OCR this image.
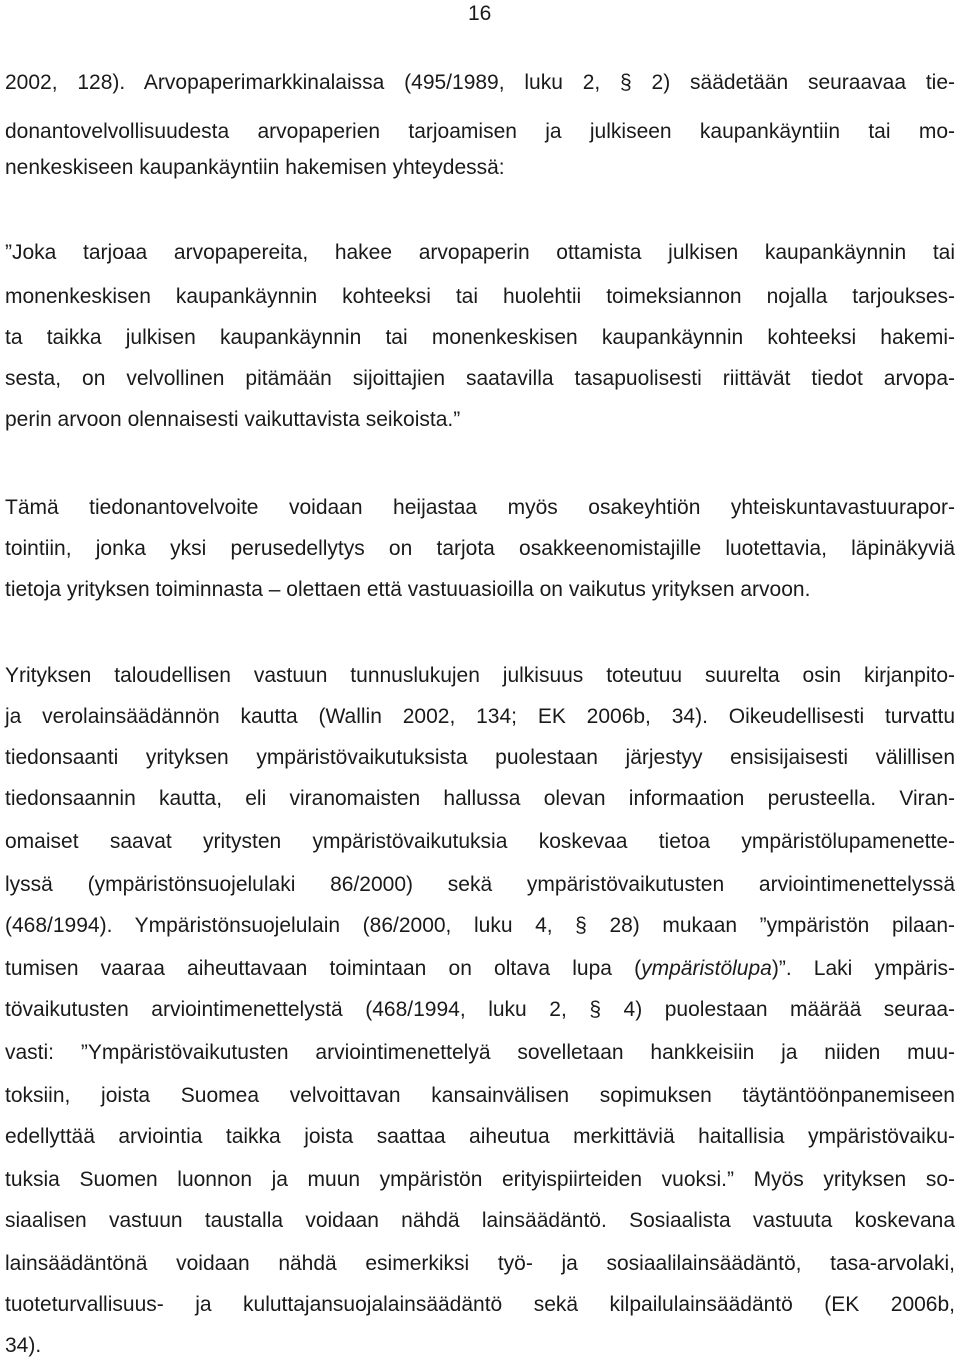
16
2002, 128). Arvopaperimarkkinalaissa (495/1989, luku 2, § 2) säädetään seuraavaa tie-
donantovelvollisuudesta arvopaperien tarjoamisen ja julkiseen kaupankäyntiin tai mo-
nenkeskiseen kaupankäyntiin hakemisen yhteydessä:
”Joka tarjoaa arvopapereita, hakee arvopaperin ottamista julkisen kaupankäynnin tai
monenkeskisen kaupankäynnin kohteeksi tai huolehtii toimeksiannon nojalla tarjoukses-
ta taikka julkisen kaupankäynnin tai monenkeskisen kaupankäynnin kohteeksi hakemi-
sesta, on velvollinen pitämään sijoittajien saatavilla tasapuolisesti riittävät tiedot arvopa-
perin arvoon olennaisesti vaikuttavista seikoista.”
Tämä tiedonantovelvoite voidaan heijastaa myös osakeyhtiön yhteiskuntavastuurapor-
tointiin, jonka yksi perusedellytys on tarjota osakkeenomistajille luotettavia, läpinäkyviä
tietoja yrityksen toiminnasta – olettaen että vastuuasioilla on vaikutus yrityksen arvoon.
Yrityksen taloudellisen vastuun tunnuslukujen julkisuus toteutuu suurelta osin kirjanpito-
ja verolainsäädännön kautta (Wallin 2002, 134; EK 2006b, 34). Oikeudellisesti turvattu
tiedonsaanti yrityksen ympäristövaikutuksista puolestaan järjestyy ensisijaisesti välillisen
tiedonsaannin kautta, eli viranomaisten hallussa olevan informaation perusteella. Viran-
omaiset saavat yritysten ympäristövaikutuksia koskevaa tietoa ympäristölupamenette-
lyssä (ympäristönsuojelulaki 86/2000) sekä ympäristövaikutusten arviointimenettelyssä
(468/1994). Ympäristönsuojelulain (86/2000, luku 4, § 28) mukaan ”ympäristön pilaan-
tumisen vaaraa aiheuttavaan toimintaan on oltava lupa (ympäristölupa)”. Laki ympäris-
tövaikutusten arviointimenettelystä (468/1994, luku 2, § 4) puolestaan määrää seuraa-
vasti: ”Ympäristövaikutusten arviointimenettelyä sovelletaan hankkeisiin ja niiden muu-
toksiin, joista Suomea velvoittavan kansainvälisen sopimuksen täytäntöönpanemiseen
edellyttää arviointia taikka joista saattaa aiheutua merkittäviä haitallisia ympäristövaiku-
tuksia Suomen luonnon ja muun ympäristön erityispiirteiden vuoksi.” Myös yrityksen so-
siaalisen vastuun taustalla voidaan nähdä lainsäädäntö. Sosiaalista vastuuta koskevana
lainsäädäntönä voidaan nähdä esimerkiksi työ- ja sosiaalilainsäädäntö, tasa-arvolaki,
tuoteturvallisuus- ja kuluttajansuojalainsäädäntö sekä kilpailulainsäädäntö (EK 2006b,
34).
